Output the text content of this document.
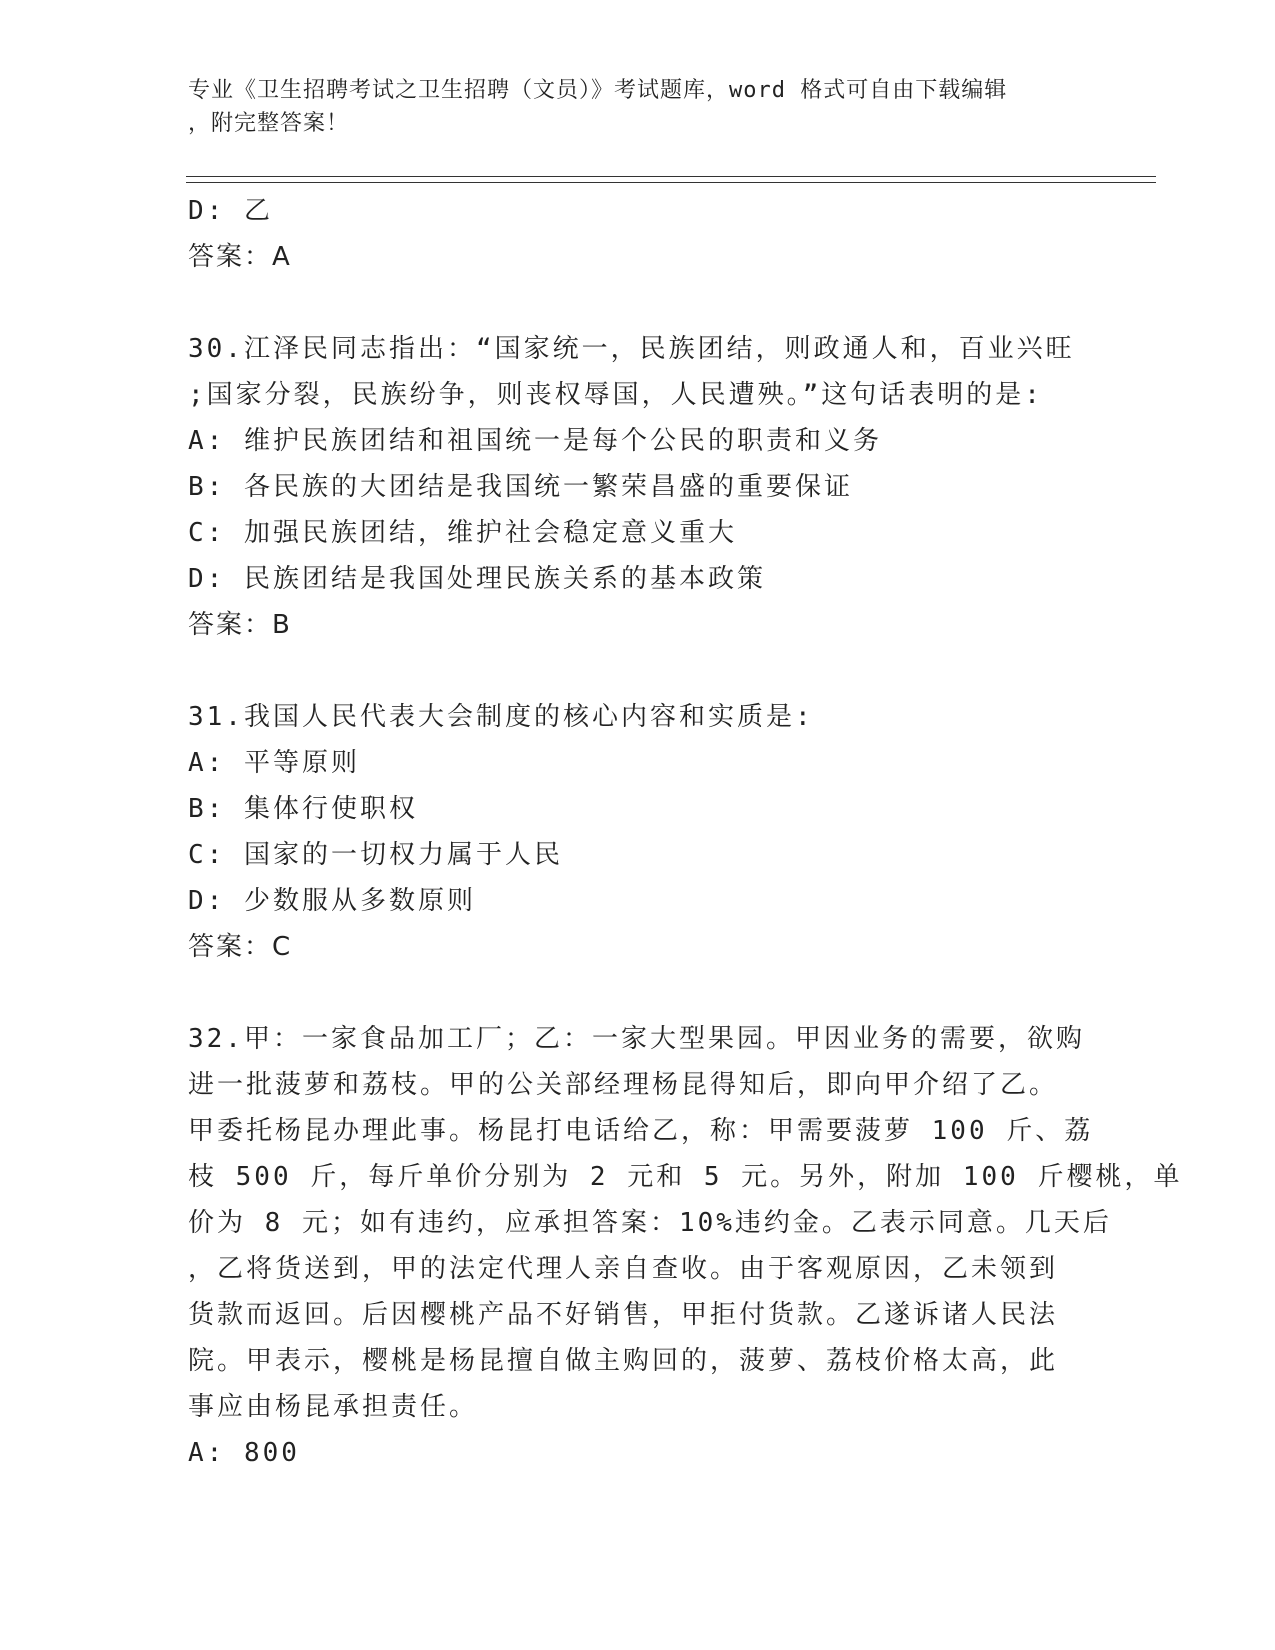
专业《卫生招聘考试之卫生招聘（文员）》考试题库，word 格式可自由下载编辑
，附完整答案！
D: 乙
答案：A
30.江泽民同志指出：“国家统一，民族团结，则政通人和，百业兴旺
;国家分裂，民族纷争，则丧权辱国，人民遭殃。”这句话表明的是:
A: 维护民族团结和祖国统一是每个公民的职责和义务
B: 各民族的大团结是我国统一繁荣昌盛的重要保证
C: 加强民族团结，维护社会稳定意义重大
D: 民族团结是我国处理民族关系的基本政策
答案：B
31.我国人民代表大会制度的核心内容和实质是:
A: 平等原则
B: 集体行使职权
C: 国家的一切权力属于人民
D: 少数服从多数原则
答案：C
32.甲：一家食品加工厂；乙：一家大型果园。甲因业务的需要，欲购
进一批菠萝和荔枝。甲的公关部经理杨昆得知后，即向甲介绍了乙。
甲委托杨昆办理此事。杨昆打电话给乙，称：甲需要菠萝 100 斤、荔
枝 500 斤，每斤单价分别为 2 元和 5 元。另外，附加 100 斤樱桃，单
价为 8 元；如有违约，应承担答案：10%违约金。乙表示同意。几天后
，乙将货送到，甲的法定代理人亲自查收。由于客观原因，乙未领到
货款而返回。后因樱桃产品不好销售，甲拒付货款。乙遂诉诸人民法
院。甲表示，樱桃是杨昆擅自做主购回的，菠萝、荔枝价格太高，此
事应由杨昆承担责任。
A: 800
